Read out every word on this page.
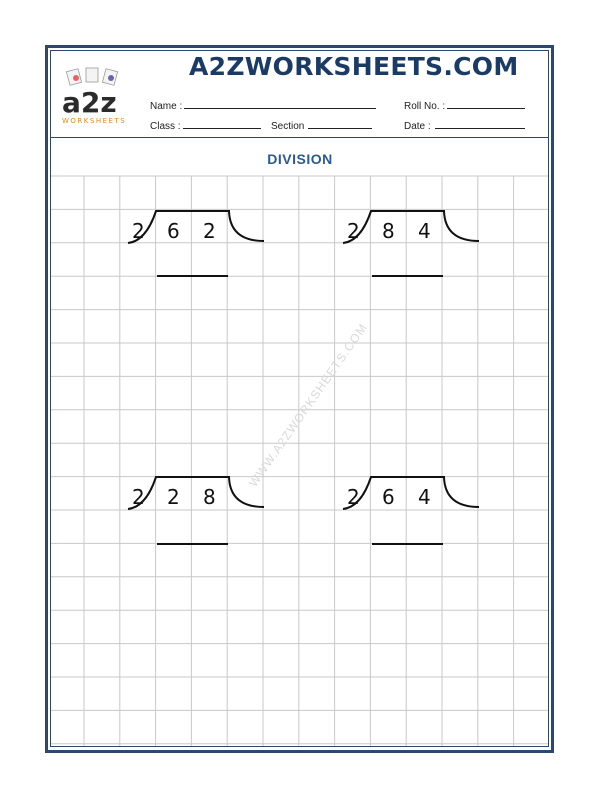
a2z
WORKSHEETS
A2ZWORKSHEETS.COM
Name :	Roll No. :
Class :	Section	Date :
DIVISION
WWW.A2ZWORKSHEETS.COM
2 6 2	2 8 4
2 2 8	2 6 4
